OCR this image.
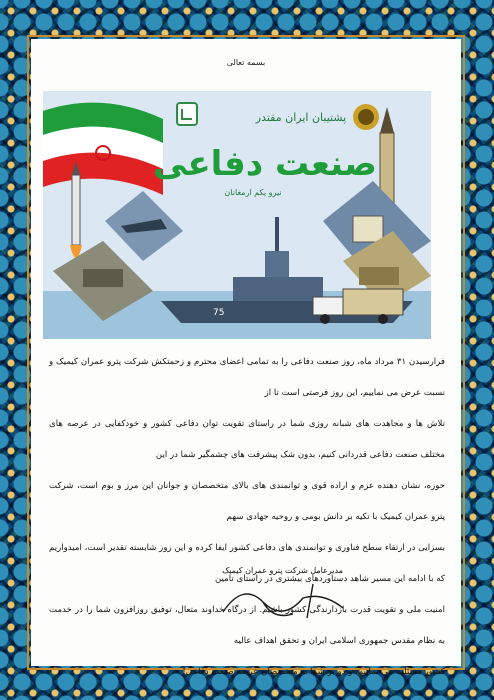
بسمه تعالی
پشتیبان ایران مقتدر
صنعت دفاعی
نیرو یکم ارمغانان
75

فرارسیدن ۳۱ مرداد ماه، روز صنعت دفاعی را به تمامی اعضای محترم و زحمتکش شرکت پترو عمران کیمیک و نسبت عرض می نماییم، این روز فرصتی است تا از

تلاش ها و مجاهدت های شبانه روزی شما در راستای تقویت توان دفاعی کشور و خودکفایی در عرصه های مختلف صنعت دفاعی قدردانی کنیم، بدون شک پیشرفت های چشمگیر شما در این

حوزه، نشان دهنده عزم و اراده قوی و توانمندی های بالای متخصصان و جوانان این مرز و بوم است، شرکت پترو عمران کیمیک با تکیه بر دانش بومی و روحیه جهادی سهم

بسزایی در ارتقاء سطح فناوری و توانمندی های دفاعی کشور ایفا کرده و این روز شایسته تقدیر است، امیدواریم که با ادامه این مسیر شاهد دستاوردهای بیشتری در راستای تامین

امنیت ملی و تقویت قدرت بازدارندگی کشور باشیم. از درگاه خداوند متعال، توفیق روزافزون شما را در خدمت به نظام مقدس جمهوری اسلامی ایران و تحقق اهداف عالیه

کشور مسئلت می نماییم، و دو بر شما به متخصصان عرصه صنعت دفاعی!

مدیرعامل شرکت پترو عمران کیمیک
